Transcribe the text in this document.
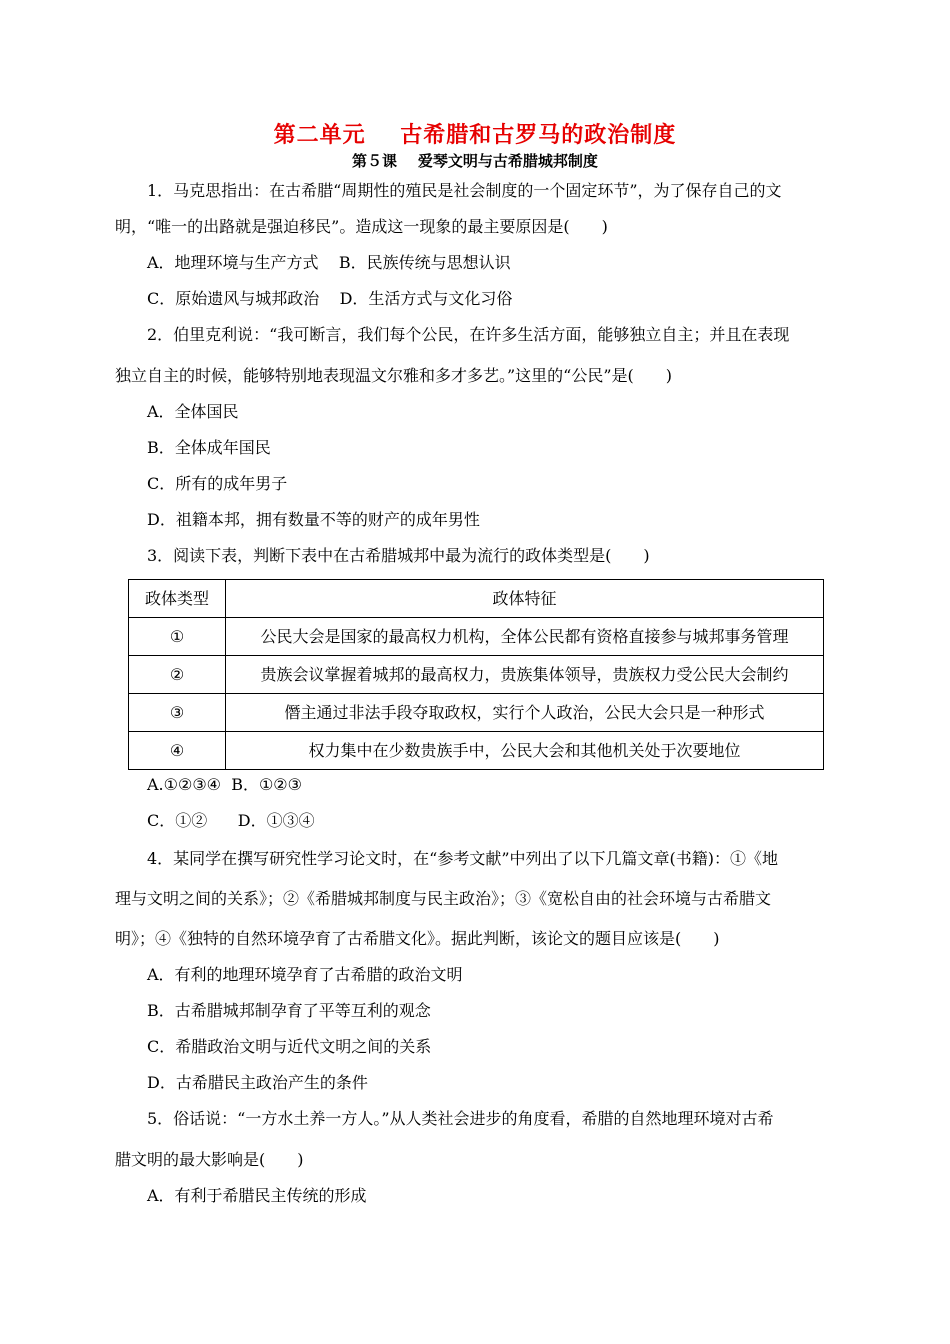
第二单元    古希腊和古罗马的政治制度
第５课    爱琴文明与古希腊城邦制度
1．马克思指出：在古希腊“周期性的殖民是社会制度的一个固定环节”，为了保存自己的文
明，“唯一的出路就是强迫移民”。造成这一现象的最主要原因是(　　)
A．地理环境与生产方式    B．民族传统与思想认识
C．原始遗风与城邦政治    D．生活方式与文化习俗
2．伯里克利说：“我可断言，我们每个公民，在许多生活方面，能够独立自主；并且在表现
独立自主的时候，能够特别地表现温文尔雅和多才多艺。”这里的“公民”是(　　)
A．全体国民
B．全体成年国民
C．所有的成年男子
D．祖籍本邦，拥有数量不等的财产的成年男性
3．阅读下表，判断下表中在古希腊城邦中最为流行的政体类型是(　　)
政体类型	政体特征
①	公民大会是国家的最高权力机构，全体公民都有资格直接参与城邦事务管理
②	贵族会议掌握着城邦的最高权力，贵族集体领导，贵族权力受公民大会制约
③	僭主通过非法手段夺取政权，实行个人政治，公民大会只是一种形式
④	权力集中在少数贵族手中，公民大会和其他机关处于次要地位
A.①②③④  B．①②③
C．①②      D．①③④
4．某同学在撰写研究性学习论文时，在“参考文献”中列出了以下几篇文章(书籍)：①《地
理与文明之间的关系》；②《希腊城邦制度与民主政治》；③《宽松自由的社会环境与古希腊文
明》；④《独特的自然环境孕育了古希腊文化》。据此判断，该论文的题目应该是(　　)
A．有利的地理环境孕育了古希腊的政治文明
B．古希腊城邦制孕育了平等互利的观念
C．希腊政治文明与近代文明之间的关系
D．古希腊民主政治产生的条件
5．俗话说：“一方水土养一方人。”从人类社会进步的角度看，希腊的自然地理环境对古希
腊文明的最大影响是(　　)
A．有利于希腊民主传统的形成
